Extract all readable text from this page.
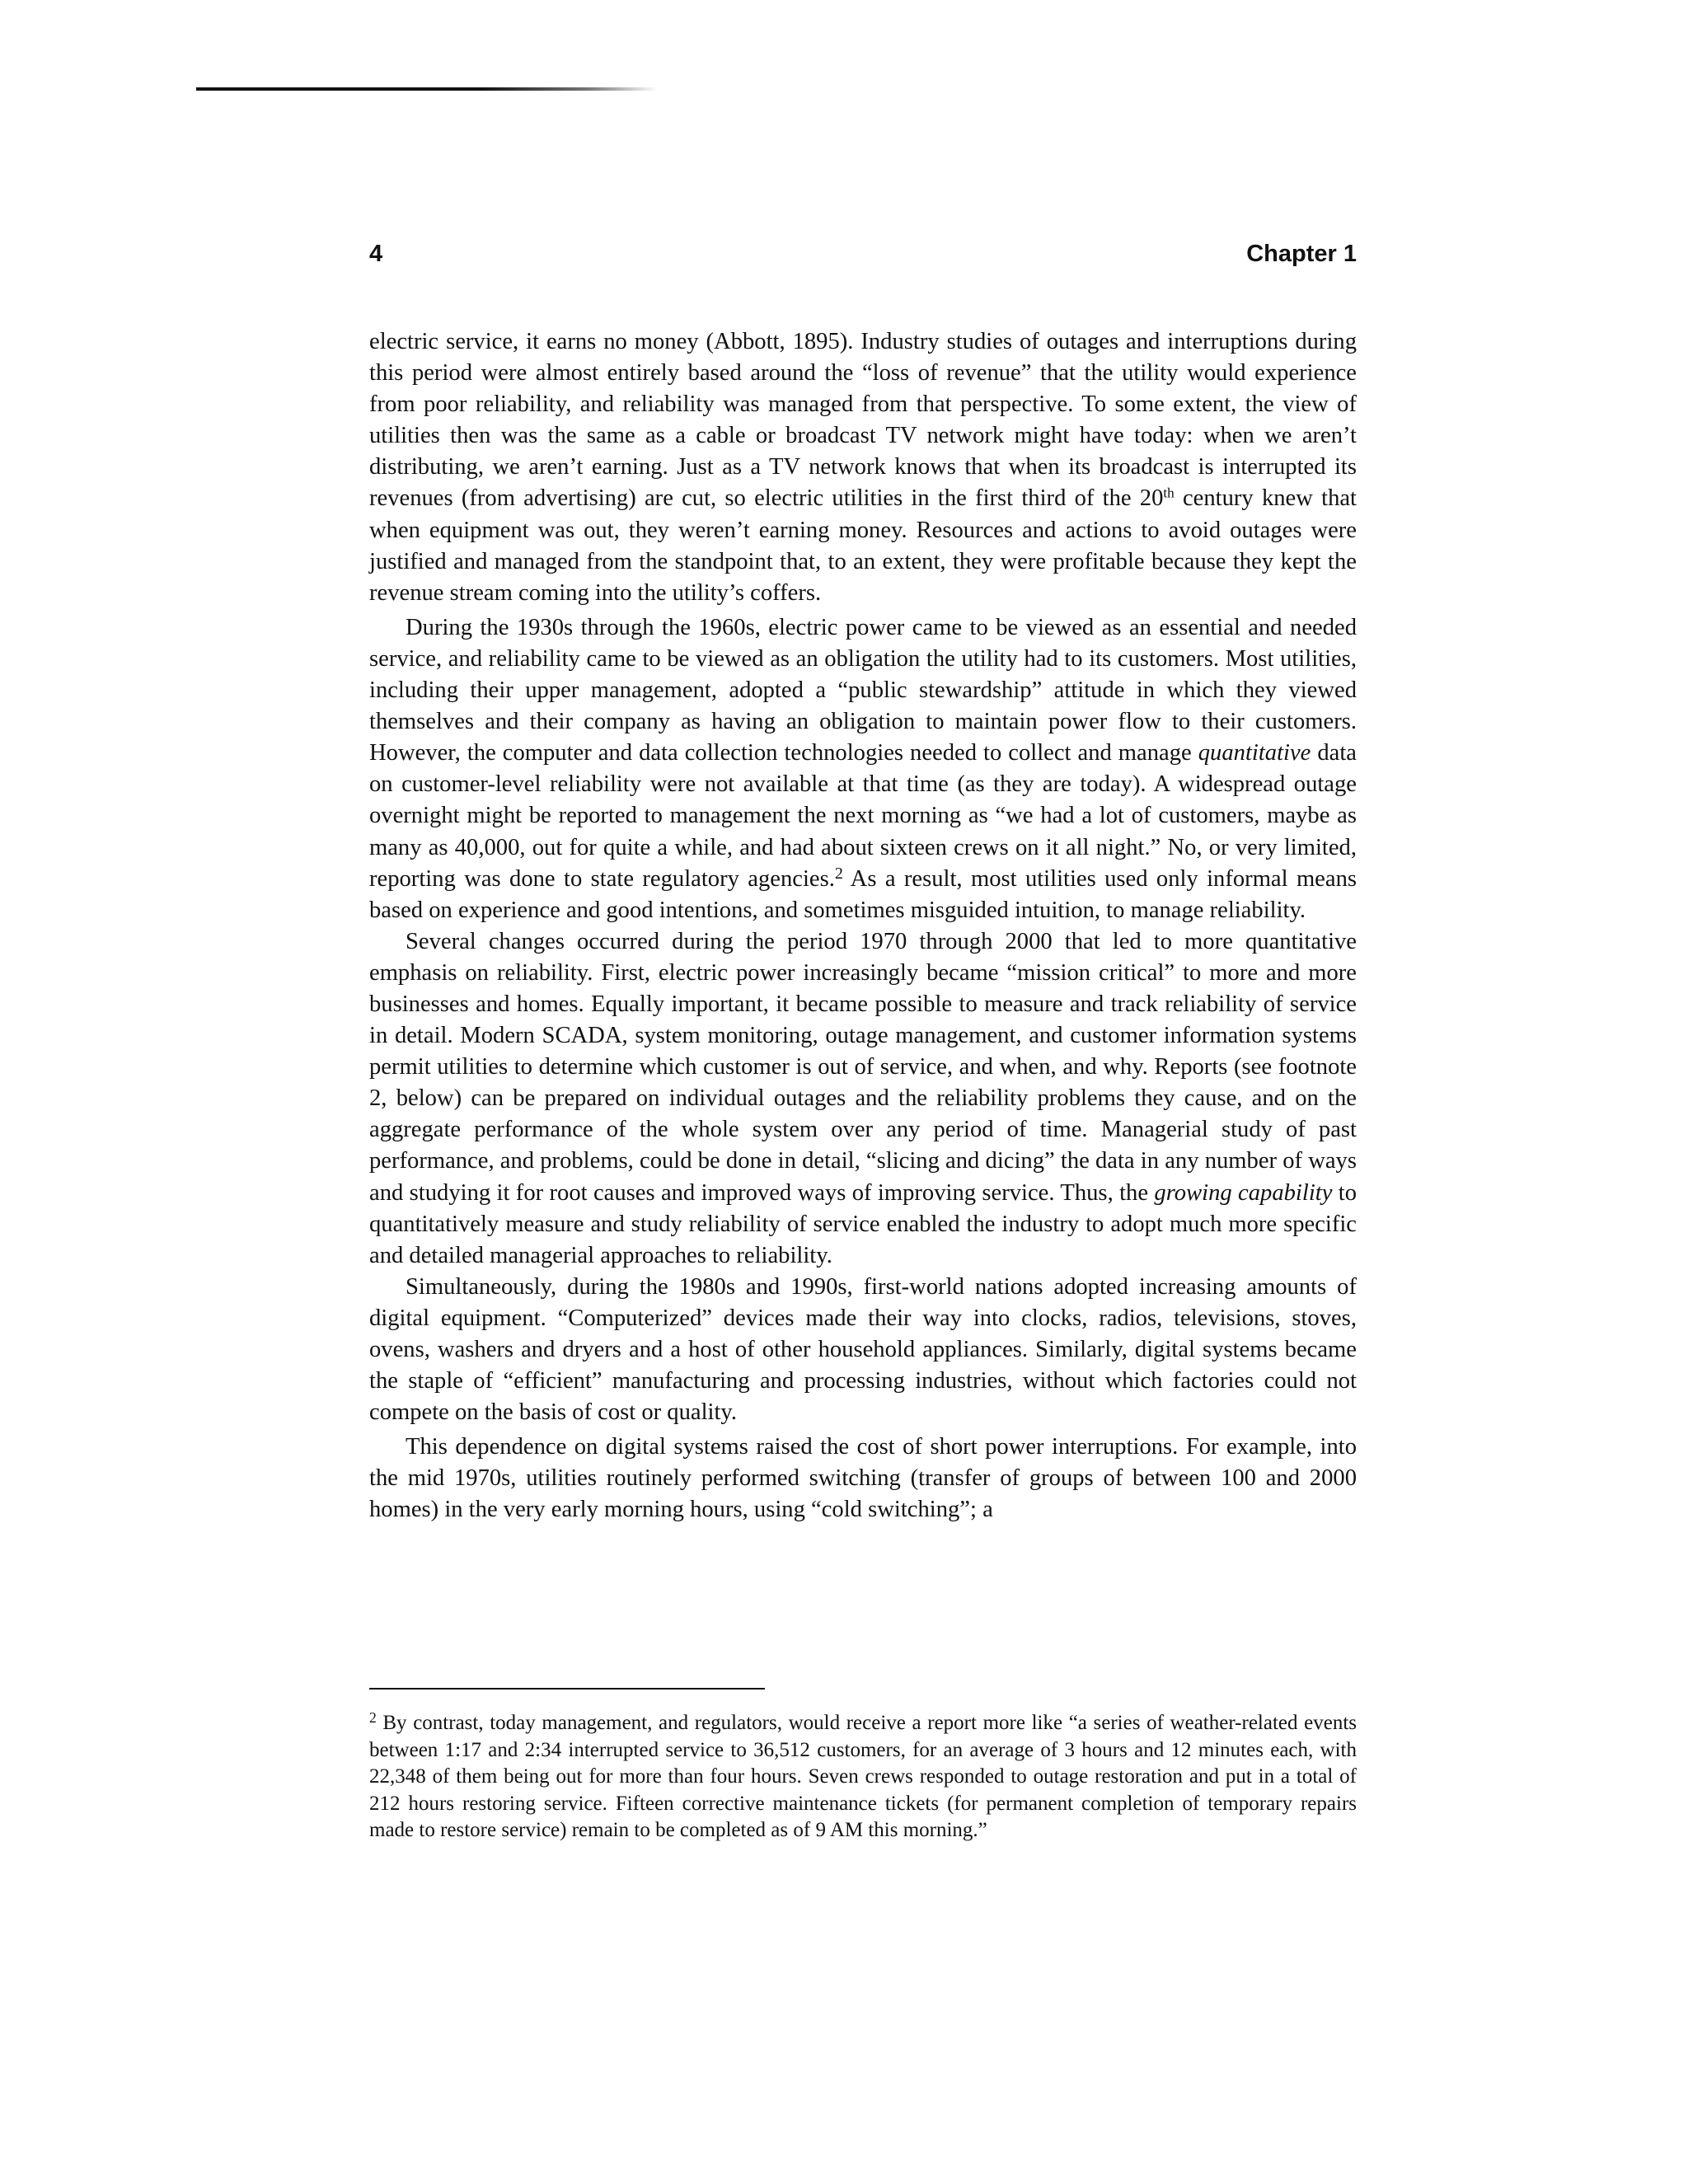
4	Chapter 1

electric service, it earns no money (Abbott, 1895). Industry studies of outages and interruptions during this period were almost entirely based around the “loss of revenue” that the utility would experience from poor reliability, and reliability was managed from that perspective. To some extent, the view of utilities then was the same as a cable or broadcast TV network might have today: when we aren’t distributing, we aren’t earning. Just as a TV network knows that when its broadcast is interrupted its revenues (from advertising) are cut, so electric utilities in the first third of the 20th century knew that when equipment was out, they weren’t earning money. Resources and actions to avoid outages were justified and managed from the standpoint that, to an extent, they were profitable because they kept the revenue stream coming into the utility’s coffers.

During the 1930s through the 1960s, electric power came to be viewed as an essential and needed service, and reliability came to be viewed as an obligation the utility had to its customers. Most utilities, including their upper management, adopted a “public stewardship” attitude in which they viewed themselves and their company as having an obligation to maintain power flow to their customers. However, the computer and data collection technologies needed to collect and manage quantitative data on customer-level reliability were not available at that time (as they are today). A widespread outage overnight might be reported to management the next morning as “we had a lot of customers, maybe as many as 40,000, out for quite a while, and had about sixteen crews on it all night.” No, or very limited, reporting was done to state regulatory agencies.$^2$ As a result, most utilities used only informal means based on experience and good intentions, and sometimes misguided intuition, to manage reliability.

Several changes occurred during the period 1970 through 2000 that led to more quantitative emphasis on reliability. First, electric power increasingly became “mission critical” to more and more businesses and homes. Equally important, it became possible to measure and track reliability of service in detail. Modern SCADA, system monitoring, outage management, and customer information systems permit utilities to determine which customer is out of service, and when, and why. Reports (see footnote 2, below) can be prepared on individual outages and the reliability problems they cause, and on the aggregate performance of the whole system over any period of time. Managerial study of past performance, and problems, could be done in detail, “slicing and dicing” the data in any number of ways and studying it for root causes and improved ways of improving service. Thus, the growing capability to quantitatively measure and study reliability of service enabled the industry to adopt much more specific and detailed managerial approaches to reliability.

Simultaneously, during the 1980s and 1990s, first-world nations adopted increasing amounts of digital equipment. “Computerized” devices made their way into clocks, radios, televisions, stoves, ovens, washers and dryers and a host of other household appliances. Similarly, digital systems became the staple of “efficient” manufacturing and processing industries, without which factories could not compete on the basis of cost or quality.

This dependence on digital systems raised the cost of short power interruptions. For example, into the mid 1970s, utilities routinely performed switching (transfer of groups of between 100 and 2000 homes) in the very early morning hours, using “cold switching”; a

$^2$ By contrast, today management, and regulators, would receive a report more like “a series of weather-related events between 1:17 and 2:34 interrupted service to 36,512 customers, for an average of 3 hours and 12 minutes each, with 22,348 of them being out for more than four hours. Seven crews responded to outage restoration and put in a total of 212 hours restoring service. Fifteen corrective maintenance tickets (for permanent completion of temporary repairs made to restore service) remain to be completed as of 9 AM this morning.”
